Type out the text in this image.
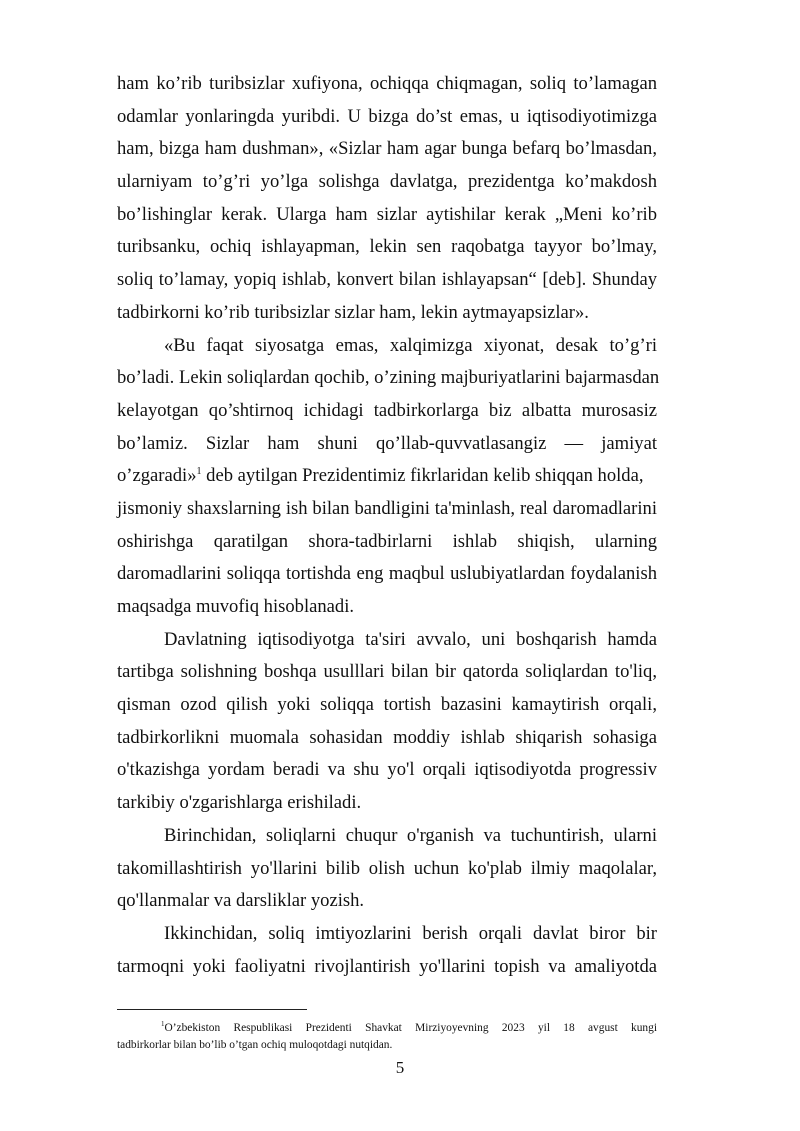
ham ko’rib turibsizlar xufiyona, ochiqqa chiqmagan, soliq to’lamagan
odamlar yonlaringda yuribdi. U bizga do’st emas, u iqtisodiyotimizga
ham, bizga ham dushman», «Sizlar ham agar bunga befarq bo’lmasdan,
ularniyam to’g’ri yo’lga solishga davlatga, prezidentga ko’makdosh
bo’lishinglar kerak. Ularga ham sizlar aytishilar kerak „Meni ko’rib
turibsanku, ochiq ishlayapman, lekin sen raqobatga tayyor bo’lmay,
soliq to’lamay, yopiq ishlab, konvert bilan ishlayapsan“ [deb]. Shunday
tadbirkorni ko’rib turibsizlar sizlar ham, lekin aytmayapsizlar».
«Bu faqat siyosatga emas, xalqimizga xiyonat, desak to’g’ri
bo’ladi. Lekin soliqlardan qochib, o’zining majburiyatlarini bajarmasdan
kelayotgan qo’shtirnoq ichidagi tadbirkorlarga biz albatta murosasiz
bo’lamiz. Sizlar ham shuni qo’llab-quvvatlasangiz — jamiyat
o’zgaradi»$^1$ deb aytilgan Prezidentimiz fikrlaridan kelib shiqqan holda,
jismoniy shaxslarning ish bilan bandligini ta'minlash, real daromadlarini
oshirishga qaratilgan shora-tadbirlarni ishlab shiqish, ularning
daromadlarini soliqqa tortishda eng maqbul uslubiyatlardan foydalanish
maqsadga muvofiq hisoblanadi.
Davlatning iqtisodiyotga ta'siri avvalo, uni boshqarish hamda
tartibga solishning boshqa usulllari bilan bir qatorda soliqlardan to'liq,
qisman ozod qilish yoki soliqqa tortish bazasini kamaytirish orqali,
tadbirkorlikni muomala sohasidan moddiy ishlab shiqarish sohasiga
o'tkazishga yordam beradi va shu yo'l orqali iqtisodiyotda progressiv
tarkibiy o'zgarishlarga erishiladi.
Birinchidan, soliqlarni chuqur o'rganish va tuchuntirish, ularni
takomillashtirish yo'llarini bilib olish uchun ko'plab ilmiy maqolalar,
qo'llanmalar va darsliklar yozish.
Ikkinchidan, soliq imtiyozlarini berish orqali davlat biror bir
tarmoqni yoki faoliyatni rivojlantirish yo'llarini topish va amaliyotda
$^1$O’zbekiston Respublikasi Prezidenti Shavkat Mirziyoyevning 2023 yil 18 avgust kungi
tadbirkorlar bilan bo’lib o’tgan ochiq muloqotdagi nutqidan.
5
